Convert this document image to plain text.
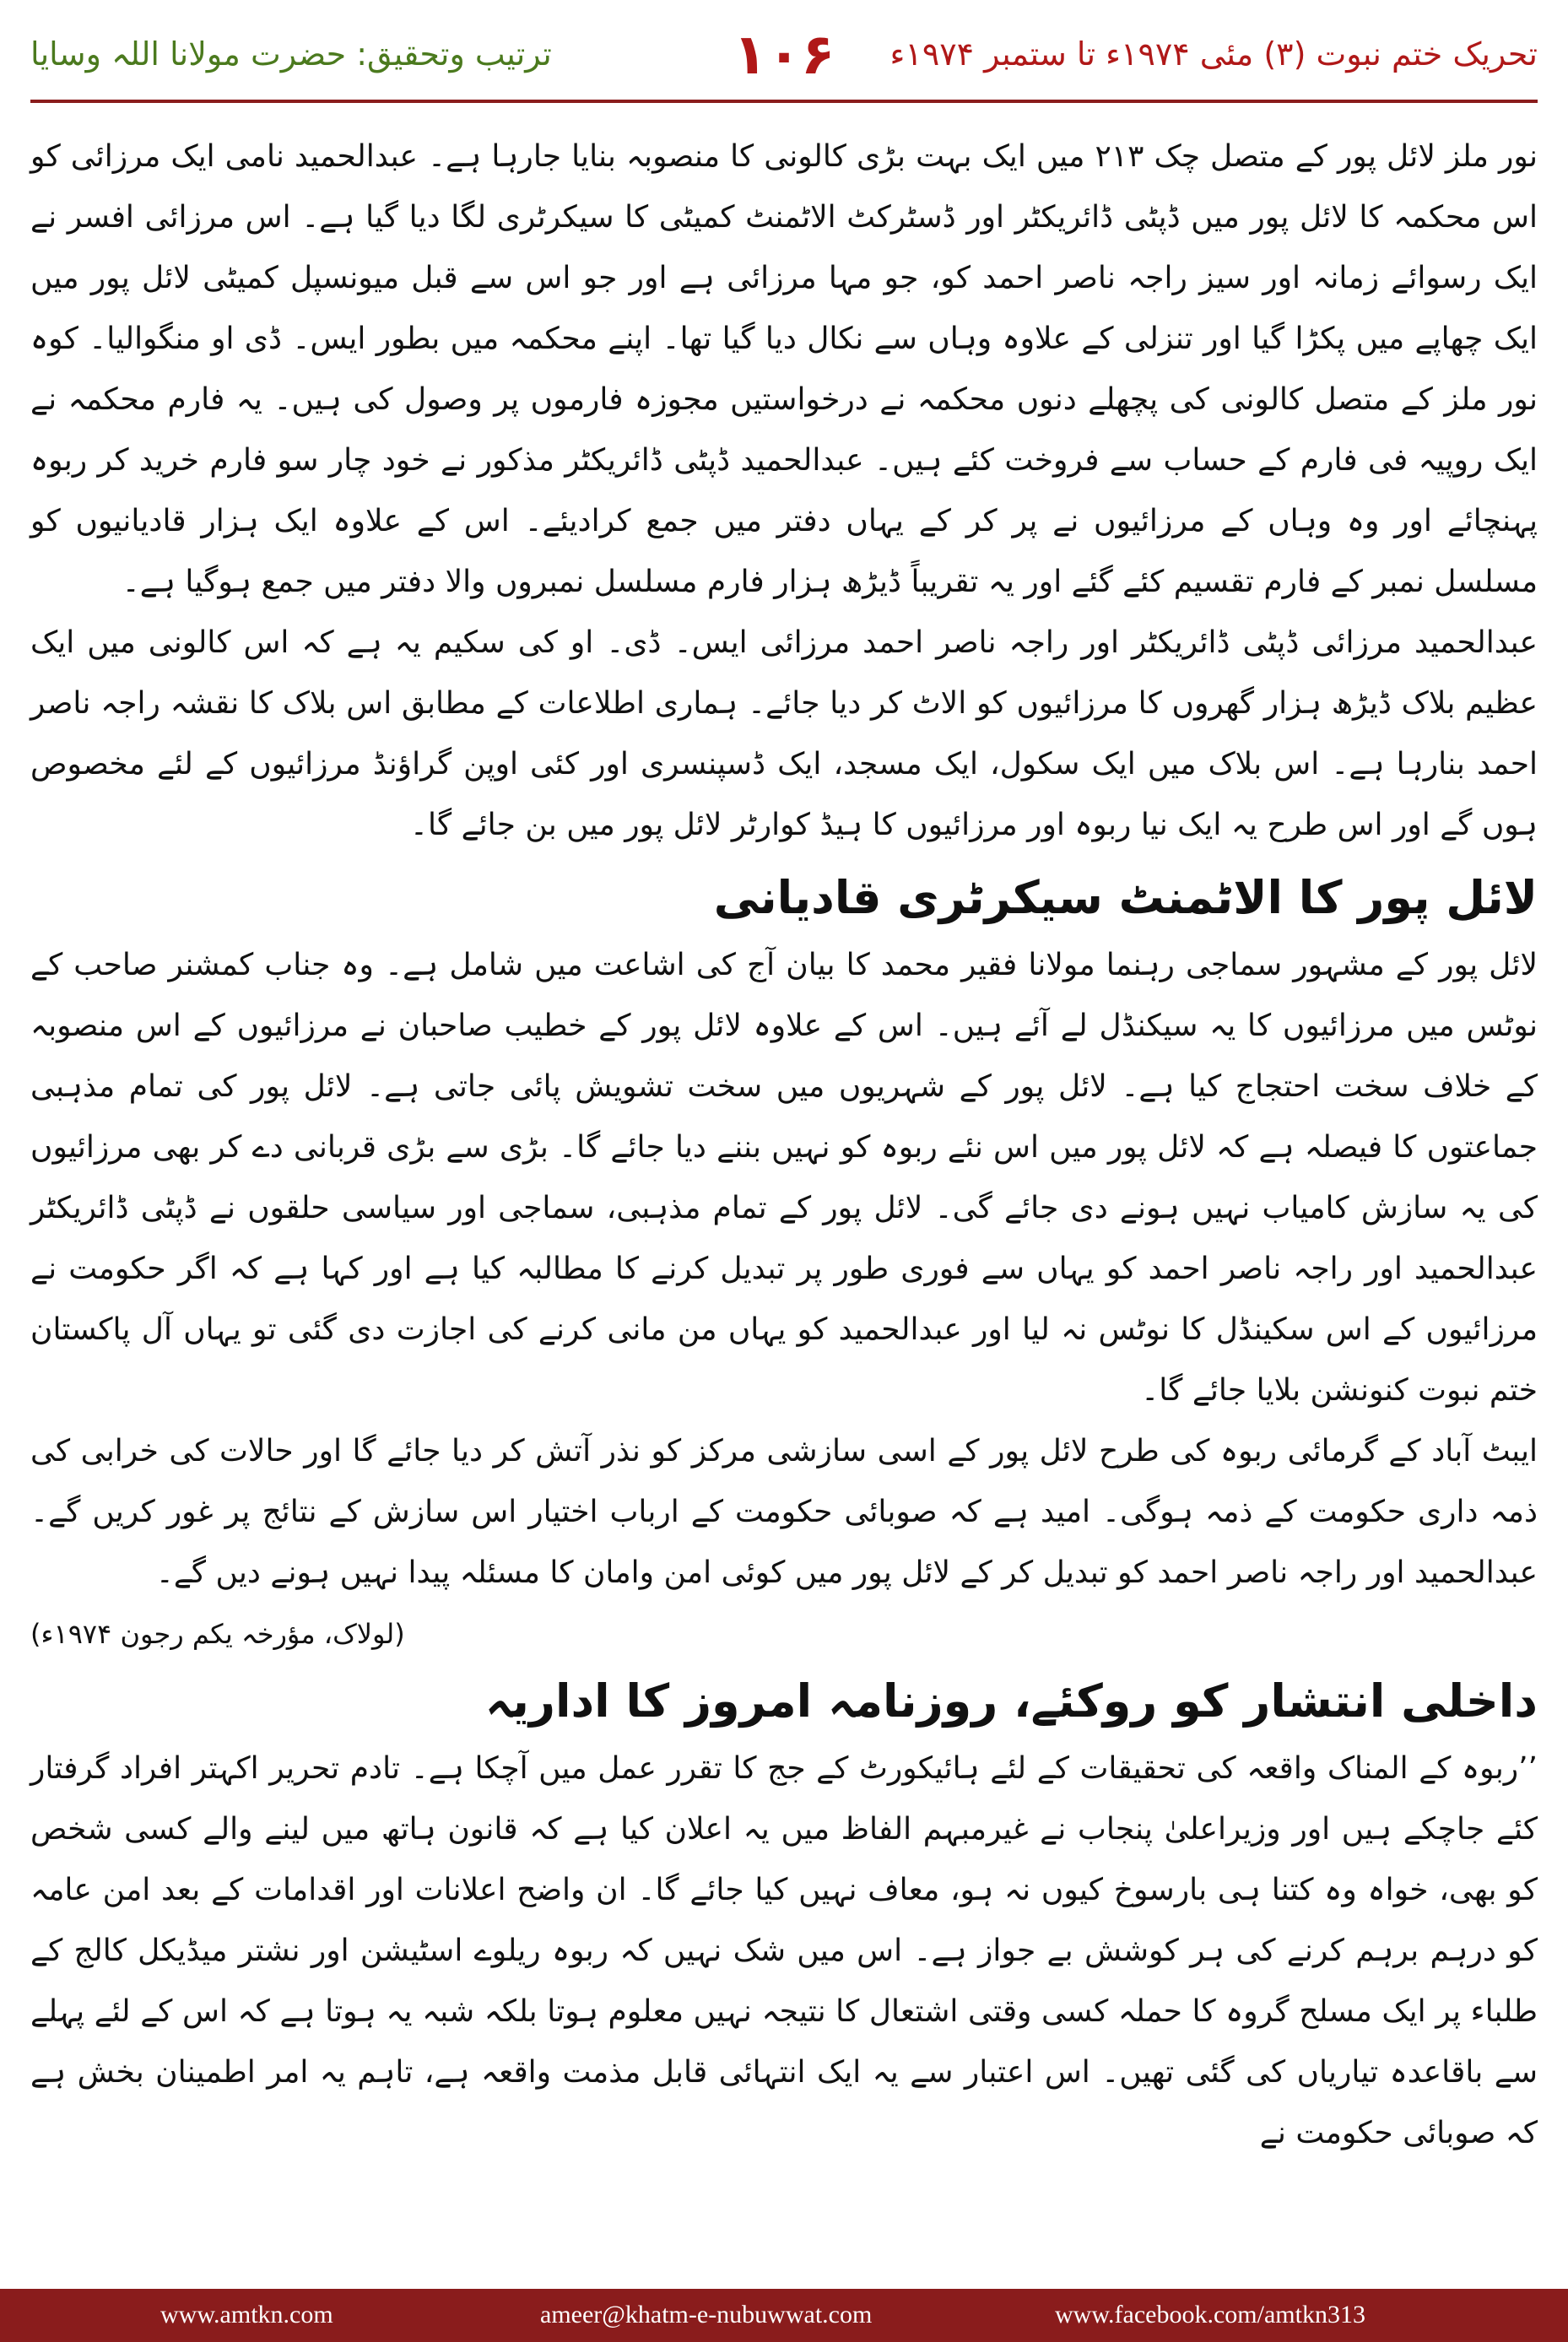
ترتیب وتحقیق: حضرت مولانا اللہ وسایا	۱۰۶	تحریک ختم نبوت (۳) مئی ۱۹۷۴ء تا ستمبر ۱۹۷۴ء

نور ملز لائل پور کے متصل چک ۲۱۳ میں ایک بہت بڑی کالونی کا منصوبہ بنایا جارہا ہے۔ عبدالحمید نامی ایک مرزائی کو اس محکمہ کا لائل پور میں ڈپٹی ڈائریکٹر اور ڈسٹرکٹ الاٹمنٹ کمیٹی کا سیکرٹری لگا دیا گیا ہے۔ اس مرزائی افسر نے ایک رسوائے زمانہ اور سیز راجہ ناصر احمد کو، جو مہا مرزائی ہے اور جو اس سے قبل میونسپل کمیٹی لائل پور میں ایک چھاپے میں پکڑا گیا اور تنزلی کے علاوہ وہاں سے نکال دیا گیا تھا۔ اپنے محکمہ میں بطور ایس۔ ڈی او منگوالیا۔ کوہ نور ملز کے متصل کالونی کی پچھلے دنوں محکمہ نے درخواستیں مجوزہ فارموں پر وصول کی ہیں۔ یہ فارم محکمہ نے ایک روپیہ فی فارم کے حساب سے فروخت کئے ہیں۔ عبدالحمید ڈپٹی ڈائریکٹر مذکور نے خود چار سو فارم خرید کر ربوہ پہنچائے اور وہ وہاں کے مرزائیوں نے پر کر کے یہاں دفتر میں جمع کرادیئے۔ اس کے علاوہ ایک ہزار قادیانیوں کو مسلسل نمبر کے فارم تقسیم کئے گئے اور یہ تقریباً ڈیڑھ ہزار فارم مسلسل نمبروں والا دفتر میں جمع ہوگیا ہے۔

عبدالحمید مرزائی ڈپٹی ڈائریکٹر اور راجہ ناصر احمد مرزائی ایس۔ ڈی۔ او کی سکیم یہ ہے کہ اس کالونی میں ایک عظیم بلاک ڈیڑھ ہزار گھروں کا مرزائیوں کو الاٹ کر دیا جائے۔ ہماری اطلاعات کے مطابق اس بلاک کا نقشہ راجہ ناصر احمد بنارہا ہے۔ اس بلاک میں ایک سکول، ایک مسجد، ایک ڈسپنسری اور کئی اوپن گراؤنڈ مرزائیوں کے لئے مخصوص ہوں گے اور اس طرح یہ ایک نیا ربوہ اور مرزائیوں کا ہیڈ کوارٹر لائل پور میں بن جائے گا۔

لائل پور کا الاٹمنٹ سیکرٹری قادیانی

لائل پور کے مشہور سماجی رہنما مولانا فقیر محمد کا بیان آج کی اشاعت میں شامل ہے۔ وہ جناب کمشنر صاحب کے نوٹس میں مرزائیوں کا یہ سیکنڈل لے آئے ہیں۔ اس کے علاوہ لائل پور کے خطیب صاحبان نے مرزائیوں کے اس منصوبہ کے خلاف سخت احتجاج کیا ہے۔ لائل پور کے شہریوں میں سخت تشویش پائی جاتی ہے۔ لائل پور کی تمام مذہبی جماعتوں کا فیصلہ ہے کہ لائل پور میں اس نئے ربوہ کو نہیں بننے دیا جائے گا۔ بڑی سے بڑی قربانی دے کر بھی مرزائیوں کی یہ سازش کامیاب نہیں ہونے دی جائے گی۔ لائل پور کے تمام مذہبی، سماجی اور سیاسی حلقوں نے ڈپٹی ڈائریکٹر عبدالحمید اور راجہ ناصر احمد کو یہاں سے فوری طور پر تبدیل کرنے کا مطالبہ کیا ہے اور کہا ہے کہ اگر حکومت نے مرزائیوں کے اس سکینڈل کا نوٹس نہ لیا اور عبدالحمید کو یہاں من مانی کرنے کی اجازت دی گئی تو یہاں آل پاکستان ختم نبوت کنونشن بلایا جائے گا۔

ایبٹ آباد کے گرمائی ربوہ کی طرح لائل پور کے اسی سازشی مرکز کو نذر آتش کر دیا جائے گا اور حالات کی خرابی کی ذمہ داری حکومت کے ذمہ ہوگی۔ امید ہے کہ صوبائی حکومت کے ارباب اختیار اس سازش کے نتائج پر غور کریں گے۔ عبدالحمید اور راجہ ناصر احمد کو تبدیل کر کے لائل پور میں کوئی امن وامان کا مسئلہ پیدا نہیں ہونے دیں گے۔
(لولاک، مؤرخہ یکم رجون ۱۹۷۴ء)

داخلی انتشار کو روکئے، روزنامہ امروز کا اداریہ

’’ربوہ کے المناک واقعہ کی تحقیقات کے لئے ہائیکورٹ کے جج کا تقرر عمل میں آچکا ہے۔ تادم تحریر اکہتر افراد گرفتار کئے جاچکے ہیں اور وزیراعلیٰ پنجاب نے غیرمبہم الفاظ میں یہ اعلان کیا ہے کہ قانون ہاتھ میں لینے والے کسی شخص کو بھی، خواہ وہ کتنا ہی بارسوخ کیوں نہ ہو، معاف نہیں کیا جائے گا۔ ان واضح اعلانات اور اقدامات کے بعد امن عامہ کو درہم برہم کرنے کی ہر کوشش بے جواز ہے۔ اس میں شک نہیں کہ ربوہ ریلوے اسٹیشن اور نشتر میڈیکل کالج کے طلباء پر ایک مسلح گروہ کا حملہ کسی وقتی اشتعال کا نتیجہ نہیں معلوم ہوتا بلکہ شبہ یہ ہوتا ہے کہ اس کے لئے پہلے سے باقاعدہ تیاریاں کی گئی تھیں۔ اس اعتبار سے یہ ایک انتہائی قابل مذمت واقعہ ہے، تاہم یہ امر اطمینان بخش ہے کہ صوبائی حکومت نے

www.amtkn.com	ameer@khatm-e-nubuwwat.com	www.facebook.com/amtkn313
